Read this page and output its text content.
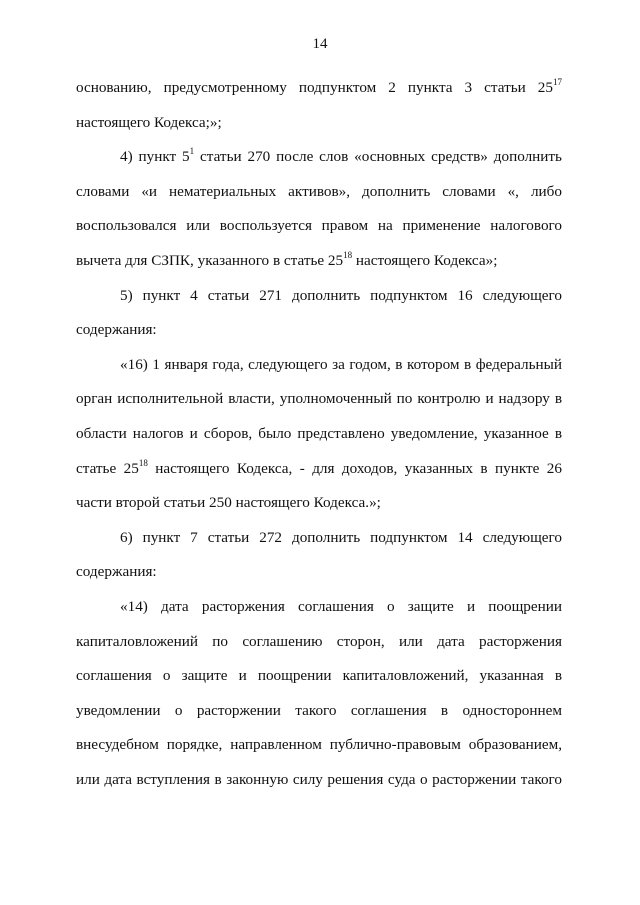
14
основанию, предусмотренному подпунктом 2 пункта 3 статьи $25^{17}$
настоящего Кодекса;»;
4) пункт $5^1$ статьи 270 после слов «основных средств» дополнить
словами «и нематериальных активов», дополнить словами «, либо
воспользовался или воспользуется правом на применение налогового
вычета для СЗПК, указанного в статье $25^{18}$ настоящего Кодекса»;
5) пункт 4 статьи 271 дополнить подпунктом 16 следующего
содержания:
«16) 1 января года, следующего за годом, в котором в федеральный
орган исполнительной власти, уполномоченный по контролю и надзору в
области налогов и сборов, было представлено уведомление, указанное в
статье $25^{18}$ настоящего Кодекса, - для доходов, указанных в пункте 26
части второй статьи 250 настоящего Кодекса.»;
6) пункт 7 статьи 272 дополнить подпунктом 14 следующего
содержания:
«14) дата расторжения соглашения о защите и поощрении
капиталовложений по соглашению сторон, или дата расторжения
соглашения о защите и поощрении капиталовложений, указанная в
уведомлении о расторжении такого соглашения в одностороннем
внесудебном порядке, направленном публично-правовым образованием,
или дата вступления в законную силу решения суда о расторжении такого
